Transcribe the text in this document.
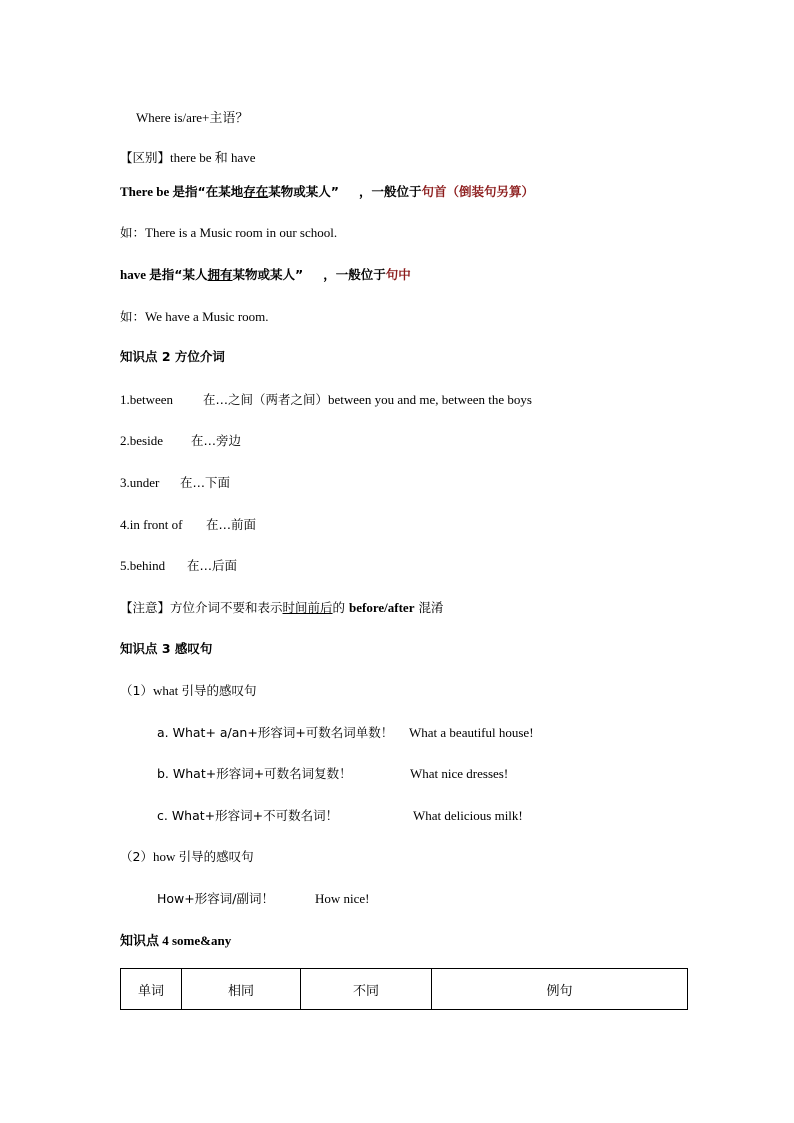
Where is/are+主语？
【区别】there be 和 have
There be 是指“在某地存在某物或某人” ，一般位于句首（倒装句另算）
如：There is a Music room in our school.
have 是指“某人拥有某物或某人” ，一般位于句中
如：We have a Music room.
知识点 2 方位介词
1.between 在…之间（两者之间）between you and me, between the boys
2.beside 在…旁边
3.under 在…下面
4.in front of 在…前面
5.behind 在…后面
【注意】方位介词不要和表示时间前后的 before/after 混淆
知识点 3 感叹句
（1）what 引导的感叹句
a. What+ a/an+形容词+可数名词单数！ What a beautiful house!
b. What+形容词+可数名词复数！	What nice dresses!
c. What+形容词+不可数名词！	What delicious milk!
（2）how 引导的感叹句
How+形容词/副词！	How nice!
知识点 4 some&any
单词	相同	不同	例句
